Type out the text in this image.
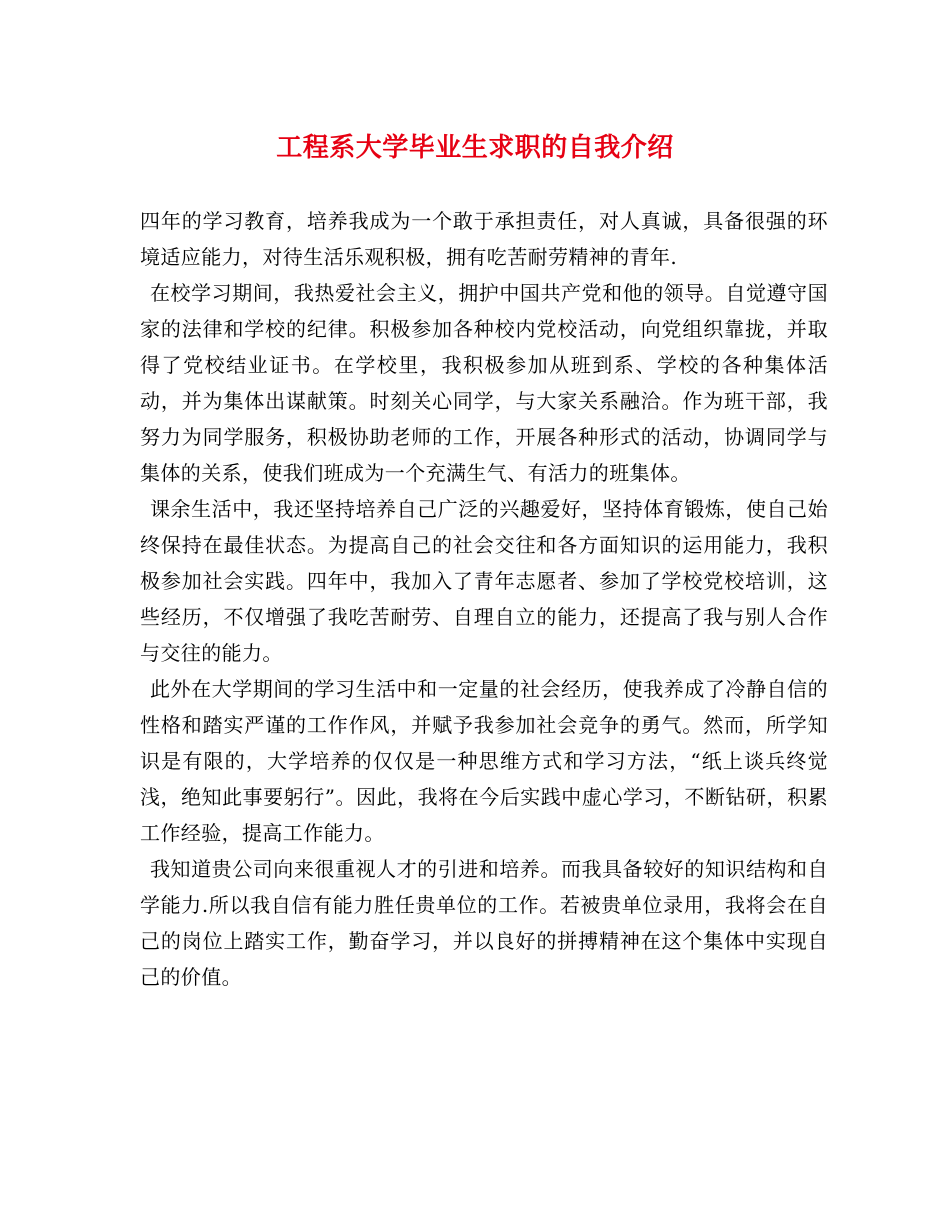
工程系大学毕业生求职的自我介绍

四年的学习教育，培养我成为一个敢于承担责任，对人真诚，具备很强的环境适应能力，对待生活乐观积极，拥有吃苦耐劳精神的青年.

在校学习期间，我热爱社会主义，拥护中国共产党和他的领导。自觉遵守国家的法律和学校的纪律。积极参加各种校内党校活动，向党组织靠拢，并取得了党校结业证书。在学校里，我积极参加从班到系、学校的各种集体活动，并为集体出谋献策。时刻关心同学，与大家关系融洽。作为班干部，我努力为同学服务，积极协助老师的工作，开展各种形式的活动，协调同学与集体的关系，使我们班成为一个充满生气、有活力的班集体。

课余生活中，我还坚持培养自己广泛的兴趣爱好，坚持体育锻炼，使自己始终保持在最佳状态。为提高自己的社会交往和各方面知识的运用能力，我积极参加社会实践。四年中，我加入了青年志愿者、参加了学校党校培训，这些经历，不仅增强了我吃苦耐劳、自理自立的能力，还提高了我与别人合作与交往的能力。

此外在大学期间的学习生活中和一定量的社会经历，使我养成了冷静自信的性格和踏实严谨的工作作风，并赋予我参加社会竞争的勇气。然而，所学知识是有限的，大学培养的仅仅是一种思维方式和学习方法，“纸上谈兵终觉浅，绝知此事要躬行”。因此，我将在今后实践中虚心学习，不断钻研，积累工作经验，提高工作能力。

我知道贵公司向来很重视人才的引进和培养。而我具备较好的知识结构和自学能力.所以我自信有能力胜任贵单位的工作。若被贵单位录用，我将会在自己的岗位上踏实工作，勤奋学习，并以良好的拼搏精神在这个集体中实现自己的价值。
